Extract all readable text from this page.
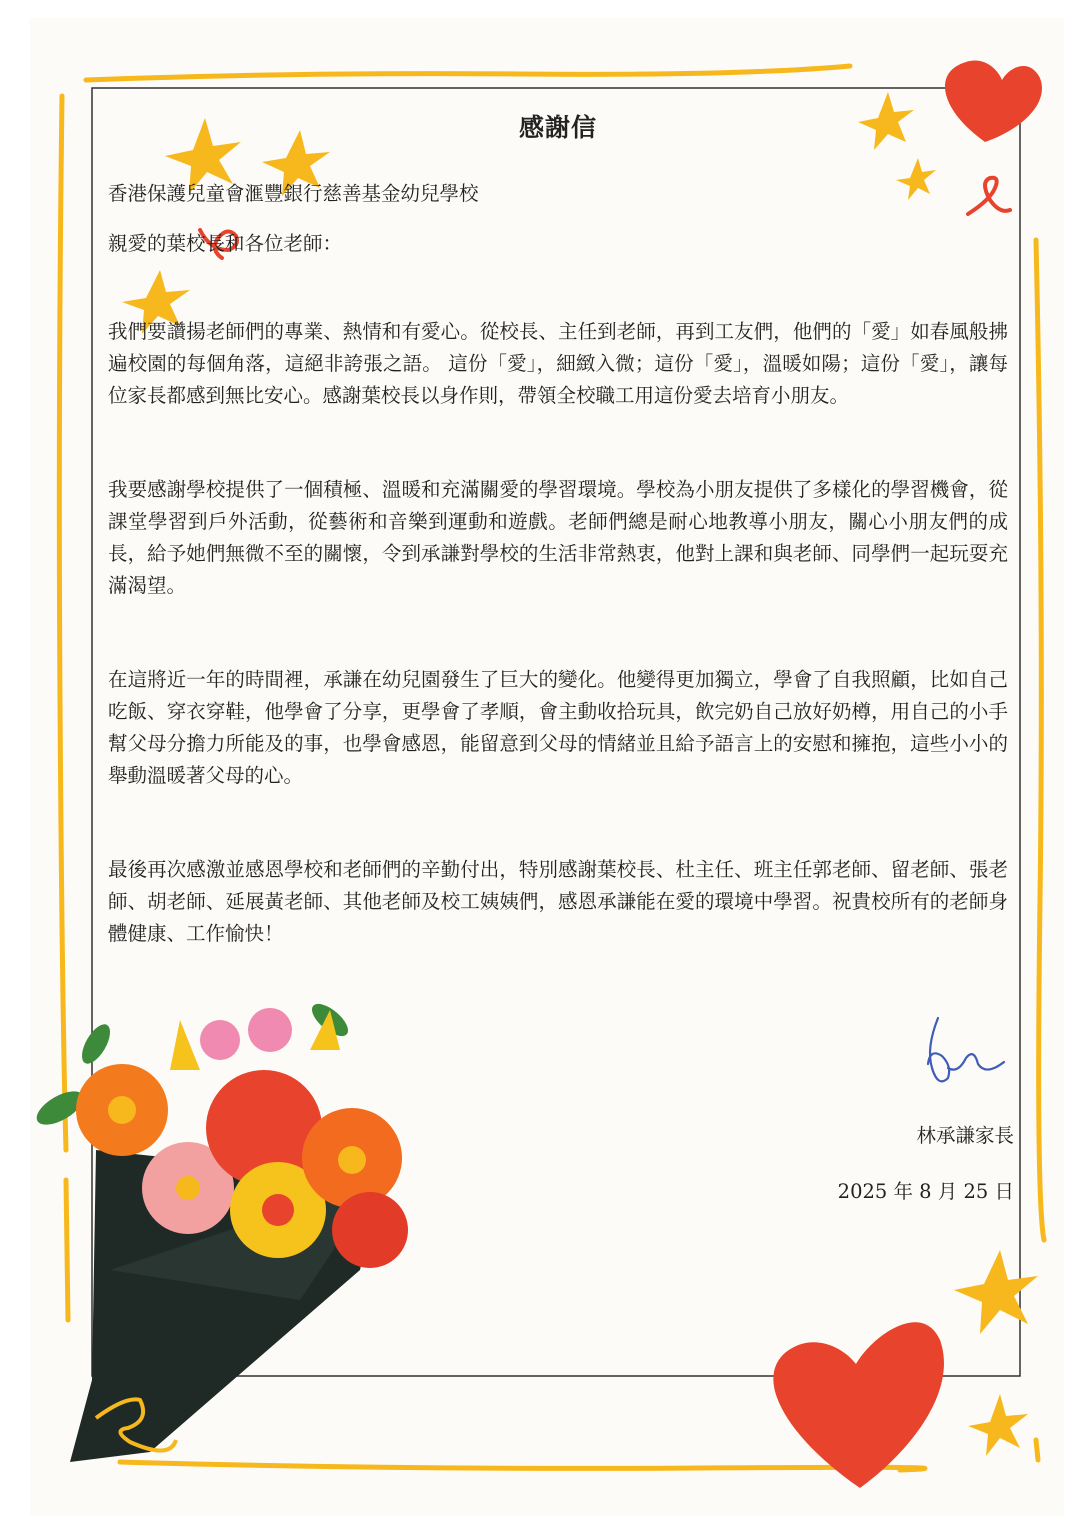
感謝信

香港保護兒童會滙豐銀行慈善基金幼兒學校

親愛的葉校長和各位老師：

我們要讚揚老師們的專業、熱情和有愛心。從校長、主任到老師，再到工友們，他們的「愛」如春風般拂遍校園的每個角落，這絕非誇張之語。 這份「愛」，細緻入微；這份「愛」，溫暖如陽；這份「愛」，讓每位家長都感到無比安心。感謝葉校長以身作則，帶領全校職工用這份愛去培育小朋友。

我要感謝學校提供了一個積極、溫暖和充滿關愛的學習環境。學校為小朋友提供了多樣化的學習機會，從課堂學習到戶外活動，從藝術和音樂到運動和遊戲。老師們總是耐心地教導小朋友，關心小朋友們的成長，給予她們無微不至的關懷，令到承謙對學校的生活非常熱衷，他對上課和與老師、同學們一起玩耍充滿渴望。

在這將近一年的時間裡，承謙在幼兒園發生了巨大的變化。他變得更加獨立，學會了自我照顧，比如自己吃飯、穿衣穿鞋，他學會了分享，更學會了孝順，會主動收拾玩具，飲完奶自己放好奶樽，用自己的小手幫父母分擔力所能及的事，也學會感恩，能留意到父母的情緒並且給予語言上的安慰和擁抱，這些小小的舉動溫暖著父母的心。

最後再次感激並感恩學校和老師們的辛勤付出，特別感謝葉校長、杜主任、班主任郭老師、留老師、張老師、胡老師、延展黃老師、其他老師及校工姨姨們，感恩承謙能在愛的環境中學習。祝貴校所有的老師身體健康、工作愉快！

林承謙家長
2025 年 8 月 25 日
